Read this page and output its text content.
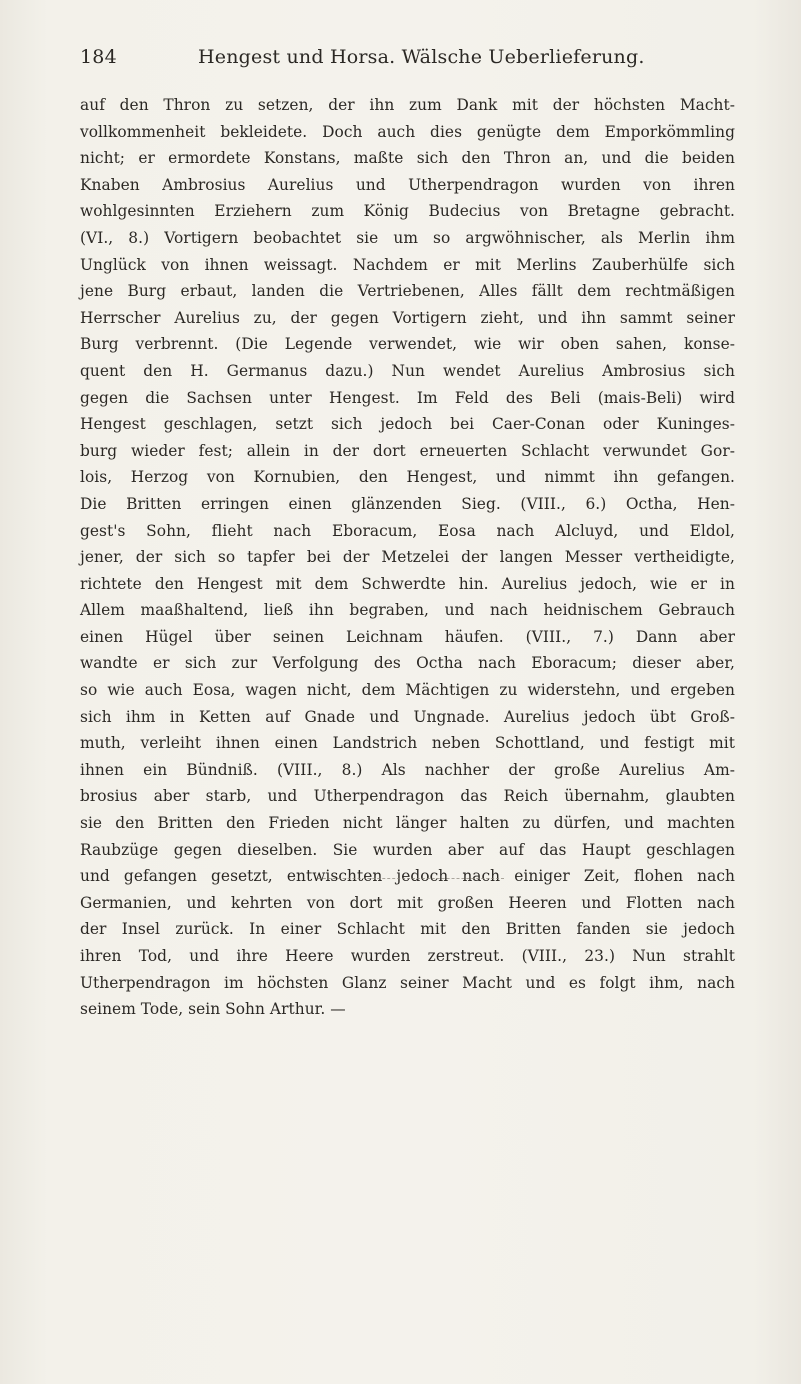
184	Hengest und Horsa. Wälsche Ueberlieferung.
auf den Thron zu setzen, der ihn zum Dank mit der höchsten Macht-
vollkommenheit bekleidete. Doch auch dies genügte dem Emporkömmling
nicht; er ermordete Konstans, maßte sich den Thron an, und die beiden
Knaben Ambrosius Aurelius und Utherpendragon wurden von ihren
wohlgesinnten Erziehern zum König Budecius von Bretagne gebracht.
(VI., 8.) Vortigern beobachtet sie um so argwöhnischer, als Merlin ihm
Unglück von ihnen weissagt. Nachdem er mit Merlins Zauberhülfe sich
jene Burg erbaut, landen die Vertriebenen, Alles fällt dem rechtmäßigen
Herrscher Aurelius zu, der gegen Vortigern zieht, und ihn sammt seiner
Burg verbrennt. (Die Legende verwendet, wie wir oben sahen, konse-
quent den H. Germanus dazu.) Nun wendet Aurelius Ambrosius sich
gegen die Sachsen unter Hengest. Im Feld des Beli (mais-Beli) wird
Hengest geschlagen, setzt sich jedoch bei Caer-Conan oder Kuninges-
burg wieder fest; allein in der dort erneuerten Schlacht verwundet Gor-
lois, Herzog von Kornubien, den Hengest, und nimmt ihn gefangen.
Die Britten erringen einen glänzenden Sieg. (VIII., 6.) Octha, Hen-
gest's Sohn, flieht nach Eboracum, Eosa nach Alcluyd, und Eldol,
jener, der sich so tapfer bei der Metzelei der langen Messer vertheidigte,
richtete den Hengest mit dem Schwerdte hin. Aurelius jedoch, wie er in
Allem maaßhaltend, ließ ihn begraben, und nach heidnischem Gebrauch
einen Hügel über seinen Leichnam häufen. (VIII., 7.) Dann aber
wandte er sich zur Verfolgung des Octha nach Eboracum; dieser aber,
so wie auch Eosa, wagen nicht, dem Mächtigen zu widerstehn, und ergeben
sich ihm in Ketten auf Gnade und Ungnade. Aurelius jedoch übt Groß-
muth, verleiht ihnen einen Landstrich neben Schottland, und festigt mit
ihnen ein Bündniß. (VIII., 8.) Als nachher der große Aurelius Am-
brosius aber starb, und Utherpendragon das Reich übernahm, glaubten
sie den Britten den Frieden nicht länger halten zu dürfen, und machten
Raubzüge gegen dieselben. Sie wurden aber auf das Haupt geschlagen
und gefangen gesetzt, entwischten jedoch nach einiger Zeit, flohen nach
Germanien, und kehrten von dort mit großen Heeren und Flotten nach
der Insel zurück. In einer Schlacht mit den Britten fanden sie jedoch
ihren Tod, und ihre Heere wurden zerstreut. (VIII., 23.) Nun strahlt
Utherpendragon im höchsten Glanz seiner Macht und es folgt ihm, nach
seinem Tode, sein Sohn Arthur. —
